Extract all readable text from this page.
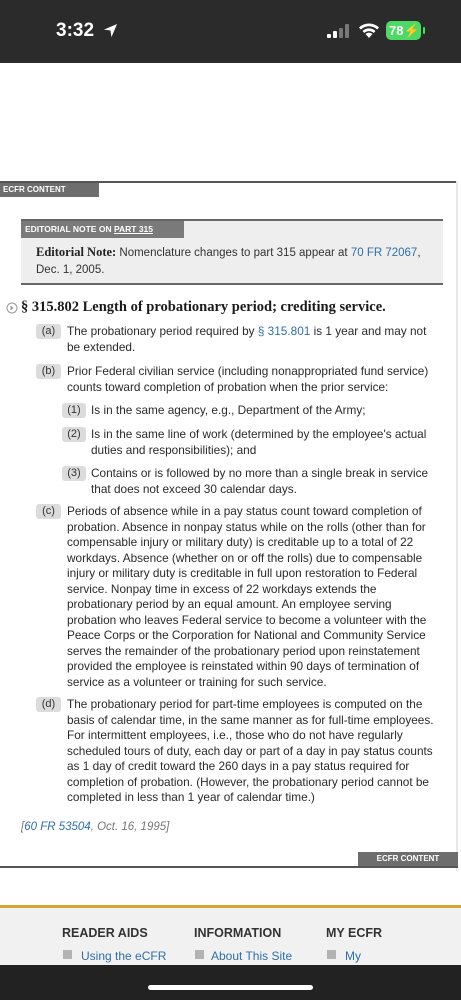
3:32	78⚡
ECFR CONTENT
EDITORIAL NOTE ON PART 315
Editorial Note: Nomenclature changes to part 315 appear at 70 FR 72067, Dec. 1, 2005.
§ 315.802 Length of probationary period; crediting service.
(a) The probationary period required by § 315.801 is 1 year and may not
be extended.
(b) Prior Federal civilian service (including nonappropriated fund service)
counts toward completion of probation when the prior service:
(1) Is in the same agency, e.g., Department of the Army;
(2) Is in the same line of work (determined by the employee's actual
duties and responsibilities); and
(3) Contains or is followed by no more than a single break in service
that does not exceed 30 calendar days.
(c)	Periods of absence while in a pay status count toward completion of
probation. Absence in nonpay status while on the rolls (other than for
compensable injury or military duty) is creditable up to a total of 22
workdays. Absence (whether on or off the rolls) due to compensable
injury or military duty is creditable in full upon restoration to Federal
service. Nonpay time in excess of 22 workdays extends the
probationary period by an equal amount. An employee serving
probation who leaves Federal service to become a volunteer with the
Peace Corps or the Corporation for National and Community Service
serves the remainder of the probationary period upon reinstatement
provided the employee is reinstated within 90 days of termination of
service as a volunteer or training for such service.
(d) The probationary period for part-time employees is computed on the
basis of calendar time, in the same manner as for full-time employees.
For intermittent employees, i.e., those who do not have regularly
scheduled tours of duty, each day or part of a day in pay status counts
as 1 day of credit toward the 260 days in a pay status required for
completion of probation. (However, the probationary period cannot be
completed in less than 1 year of calendar time.)
[60 FR 53504, Oct. 16, 1995]
ECFR CONTENT
READER AIDS
Using the eCFR
INFORMATION
About This Site
MY ECFR
My
